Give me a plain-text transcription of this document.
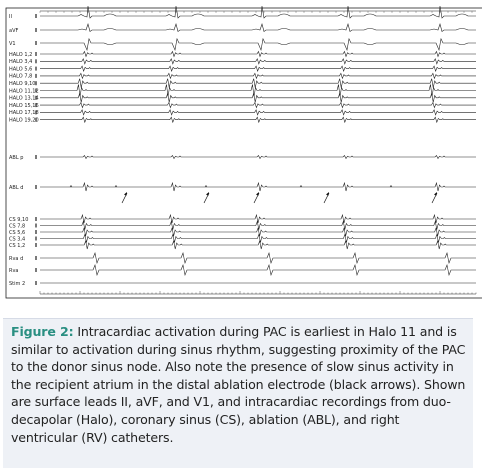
II
aVF
V1
HALO 1,2
HALO 3,4
HALO 5,6
HALO 7,8
HALO 9,10
HALO 11,12
HALO 13,14
HALO 15,16
HALO 17,18
HALO 19,20
ABL p
ABL d
CS 9,10
CS 7,8
CS 5,6
CS 3,4
CS 1,2
Rva d
Rva
Stim 2

Figure 2: Intracardiac activation during PAC is earliest in Halo 11 and is similar to activation during sinus rhythm, suggesting proximity of the PAC to the donor sinus node. Also note the presence of slow sinus activity in the recipient atrium in the distal ablation electrode (black arrows). Shown are surface leads II, aVF, and V1, and intracardiac recordings from duo-decapolar (Halo), coronary sinus (CS), ablation (ABL), and right ventricular (RV) catheters.
